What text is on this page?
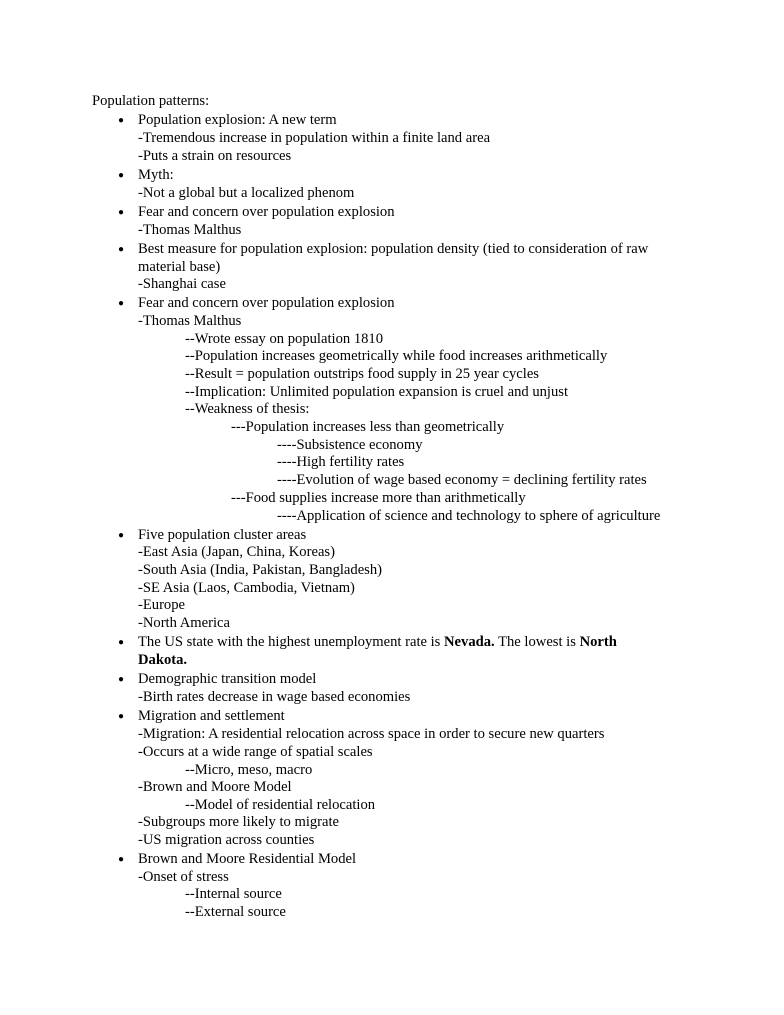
Population patterns:
● Population explosion: A new term
-Tremendous increase in population within a finite land area
-Puts a strain on resources
● Myth:
-Not a global but a localized phenom
● Fear and concern over population explosion
-Thomas Malthus
● Best measure for population explosion: population density (tied to consideration of raw
material base)
-Shanghai case
● Fear and concern over population explosion
-Thomas Malthus
--Wrote essay on population 1810
--Population increases geometrically while food increases arithmetically
--Result = population outstrips food supply in 25 year cycles
--Implication: Unlimited population expansion is cruel and unjust
--Weakness of thesis:
---Population increases less than geometrically
----Subsistence economy
----High fertility rates
----Evolution of wage based economy = declining fertility rates
---Food supplies increase more than arithmetically
----Application of science and technology to sphere of agriculture
● Five population cluster areas
-East Asia (Japan, China, Koreas)
-South Asia (India, Pakistan, Bangladesh)
-SE Asia (Laos, Cambodia, Vietnam)
-Europe
-North America
● The US state with the highest unemployment rate is Nevada. The lowest is North
Dakota.
● Demographic transition model
-Birth rates decrease in wage based economies
● Migration and settlement
-Migration: A residential relocation across space in order to secure new quarters
-Occurs at a wide range of spatial scales
--Micro, meso, macro
-Brown and Moore Model
--Model of residential relocation
-Subgroups more likely to migrate
-US migration across counties
● Brown and Moore Residential Model
-Onset of stress
--Internal source
--External source
